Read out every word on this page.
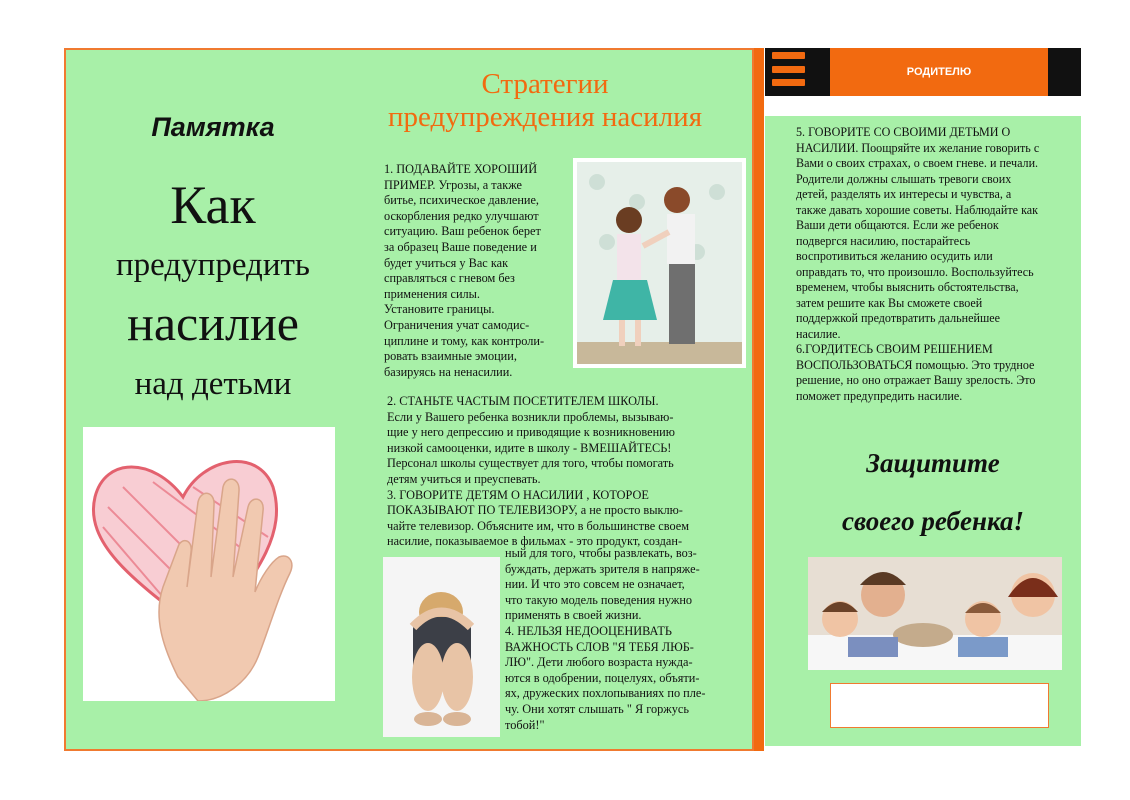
Памятка
Как
предупредить
насилие
над детьми
Стратегии
предупреждения насилия
1. ПОДАВАЙТЕ ХОРОШИЙ
ПРИМЕР. Угрозы, а также
битье, психическое давление,
оскорбления редко улучшают
ситуацию. Ваш ребенок берет
за образец Ваше поведение и
будет учиться у Вас как
справляться с гневом без
применения силы.
Установите границы.
Ограничения учат самодис-
циплине и тому, как контроли-
ровать взаимные эмоции,
базируясь на ненасилии.
2. СТАНЬТЕ ЧАСТЫМ ПОСЕТИТЕЛЕМ ШКОЛЫ.
Если у Вашего ребенка возникли проблемы, вызываю-
щие у него депрессию и приводящие к возникновению
низкой самооценки, идите в школу - ВМЕШАЙТЕСЬ!
Персонал школы существует для того, чтобы помогать
детям учиться и преуспевать.
3. ГОВОРИТЕ ДЕТЯМ О НАСИЛИИ , КОТОРОЕ
ПОКАЗЫВАЮТ ПО ТЕЛЕВИЗОРУ, а не просто выклю-
чайте телевизор. Объясните им, что в большинстве своем
насилие, показываемое в фильмах - это продукт, создан-
ный для того, чтобы развлекать, воз-
буждать, держать зрителя в напряже-
нии. И что это совсем не означает,
что такую модель поведения нужно
применять в своей жизни.
4. НЕЛЬЗЯ НЕДООЦЕНИВАТЬ
ВАЖНОСТЬ СЛОВ "Я ТЕБЯ ЛЮБ-
ЛЮ". Дети любого возраста нужда-
ются в одобрении, поцелуях, объяти-
ях, дружеских похлопываниях по пле-
чу. Они хотят слышать " Я горжусь
тобой!"
РОДИТЕЛЮ
5. ГОВОРИТЕ СО СВОИМИ ДЕТЬМИ О
НАСИЛИИ. Поощряйте их желание говорить с
Вами о своих страхах, о своем гневе. и печали.
Родители должны слышать тревоги своих
детей, разделять их интересы и чувства, а
также давать хорошие советы. Наблюдайте как
Ваши дети общаются. Если же ребенок
подвергся насилию, постарайтесь
воспротивиться желанию осудить или
оправдать то, что произошло. Воспользуйтесь
временем, чтобы выяснить обстоятельства,
затем решите как Вы сможете своей
поддержкой предотвратить дальнейшее
насилие.
6.ГОРДИТЕСЬ СВОИМ РЕШЕНИЕМ
ВОСПОЛЬЗОВАТЬСЯ помощью. Это трудное
решение, но оно отражает Вашу зрелость. Это
поможет предупредить насилие.
Защитите
своего ребенка!
